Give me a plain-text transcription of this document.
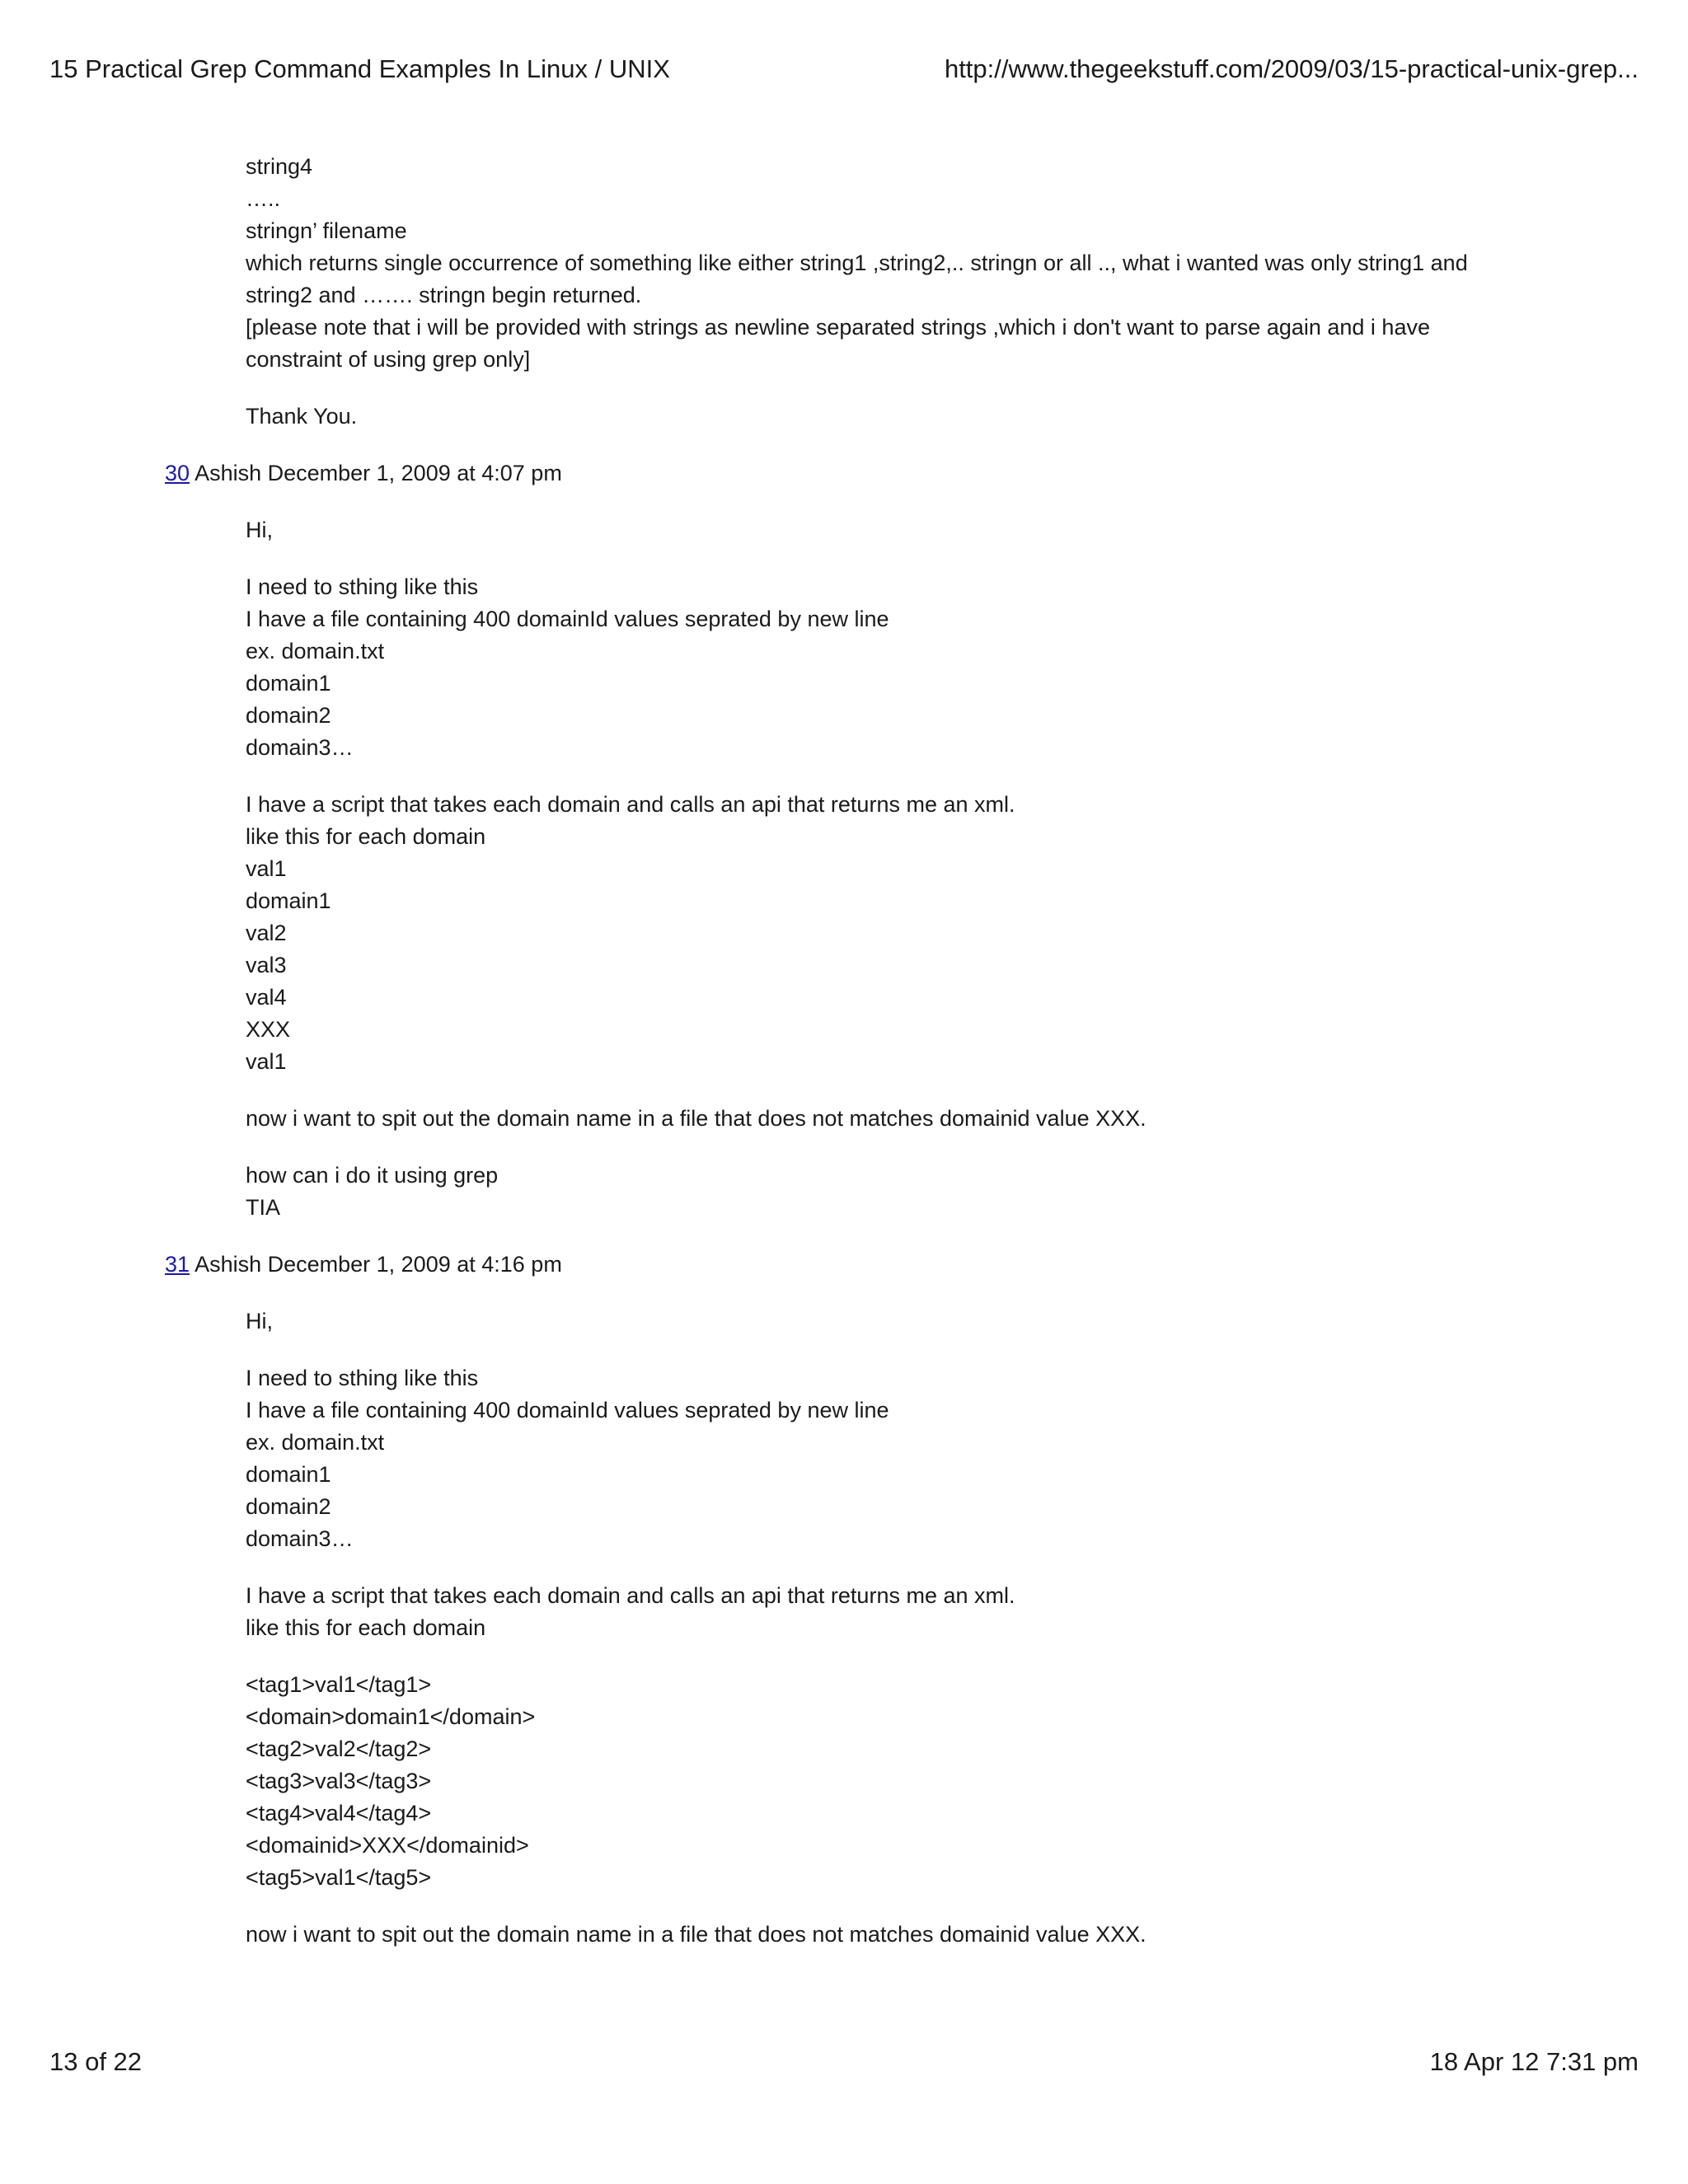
15 Practical Grep Command Examples In Linux / UNIX	http://www.thegeekstuff.com/2009/03/15-practical-unix-grep...
string4
…..
stringn’ filename
which returns single occurrence of something like either string1 ,string2,.. stringn or all .., what i wanted was only string1 and string2 and ……. stringn begin returned.
[please note that i will be provided with strings as newline separated strings ,which i don't want to parse again and i have constraint of using grep only]
Thank You.
30 Ashish December 1, 2009 at 4:07 pm
Hi,
I need to sthing like this
I have a file containing 400 domainId values seprated by new line
ex. domain.txt
domain1
domain2
domain3…
I have a script that takes each domain and calls an api that returns me an xml.
like this for each domain
val1
domain1
val2
val3
val4
XXX
val1
now i want to spit out the domain name in a file that does not matches domainid value XXX.
how can i do it using grep
TIA
31 Ashish December 1, 2009 at 4:16 pm
Hi,
I need to sthing like this
I have a file containing 400 domainId values seprated by new line
ex. domain.txt
domain1
domain2
domain3…
I have a script that takes each domain and calls an api that returns me an xml.
like this for each domain
<tag1>val1</tag1>
<domain>domain1</domain>
<tag2>val2</tag2>
<tag3>val3</tag3>
<tag4>val4</tag4>
<domainid>XXX</domainid>
<tag5>val1</tag5>
now i want to spit out the domain name in a file that does not matches domainid value XXX.
13 of 22	18 Apr 12 7:31 pm
